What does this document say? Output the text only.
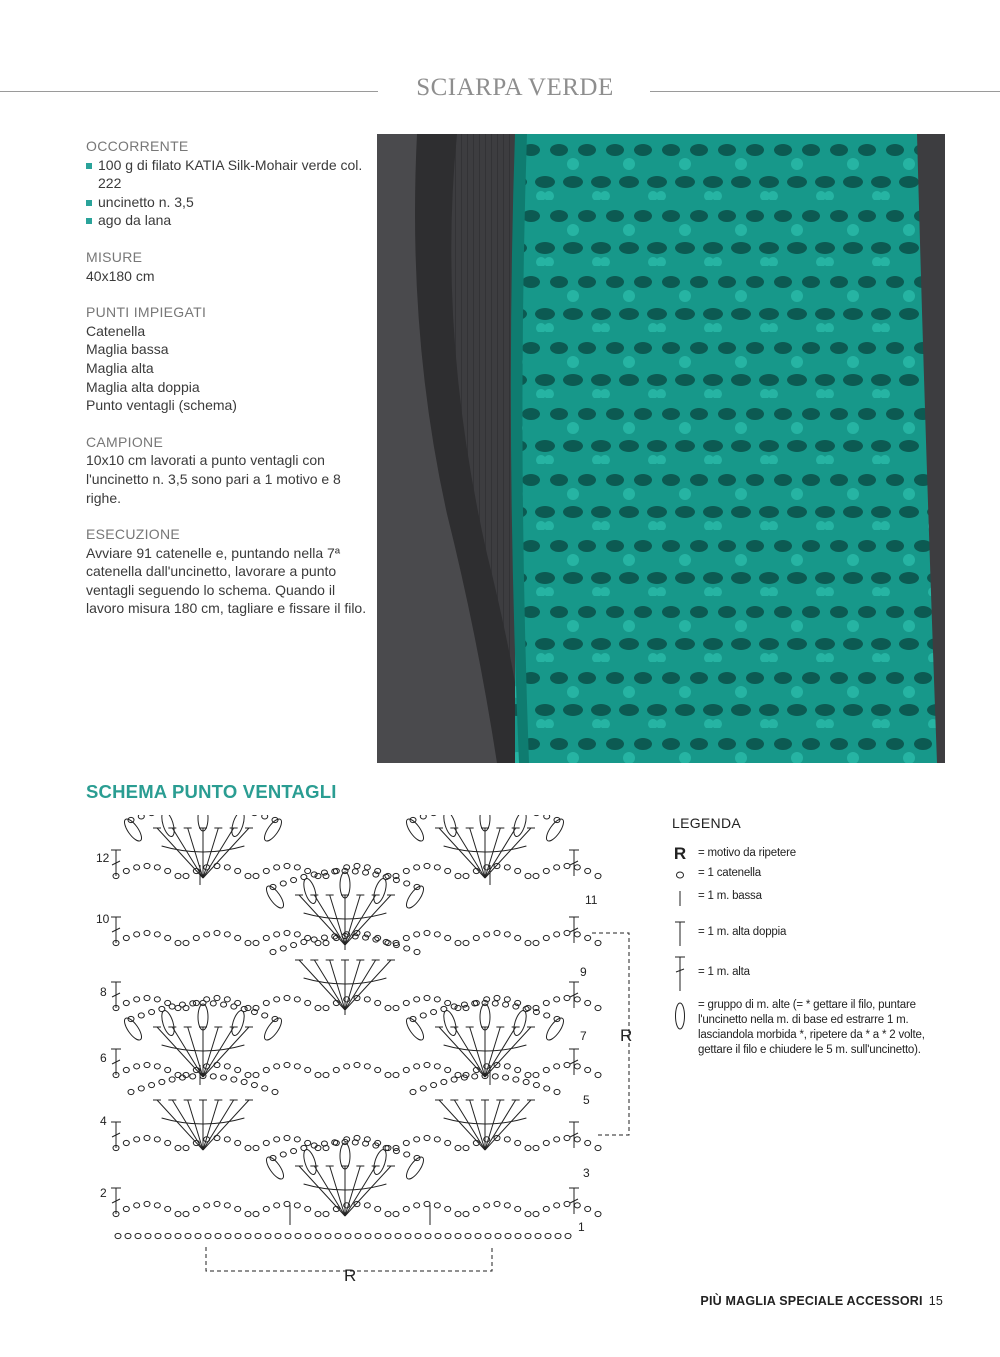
SCIARPA VERDE
OCCORRENTE
100 g di filato KATIA Silk-Mohair verde col. 222
uncinetto n. 3,5
ago da lana
MISURE
40x180 cm
PUNTI IMPIEGATI
Catenella
Maglia bassa
Maglia alta
Maglia alta doppia
Punto ventagli (schema)
CAMPIONE
10x10 cm lavorati a punto ventagli con l'uncinetto n. 3,5 sono pari a 1 motivo e 8 righe.
ESECUZIONE
Avviare 91 catenelle e, puntando nella 7ª catenella dall'uncinetto, lavorare a punto ventagli seguendo lo schema. Quando il lavoro misura 180 cm, tagliare e fissare il filo.
SCHEMA PUNTO VENTAGLI
12
10
8
6
4
2
11
9
7
5
3
1
R
R
LEGENDA
R = motivo da ripetere
= 1 catenella
= 1 m. bassa
= 1 m. alta doppia
= 1 m. alta
= gruppo di m. alte (= * gettare il filo, puntare l'uncinetto nella m. di base ed estrarre 1 m. lasciandola morbida *, ripetere da * a * 2 volte, gettare il filo e chiudere le 5 m. sull'uncinetto).
PIÙ MAGLIA SPECIALE ACCESSORI 15
